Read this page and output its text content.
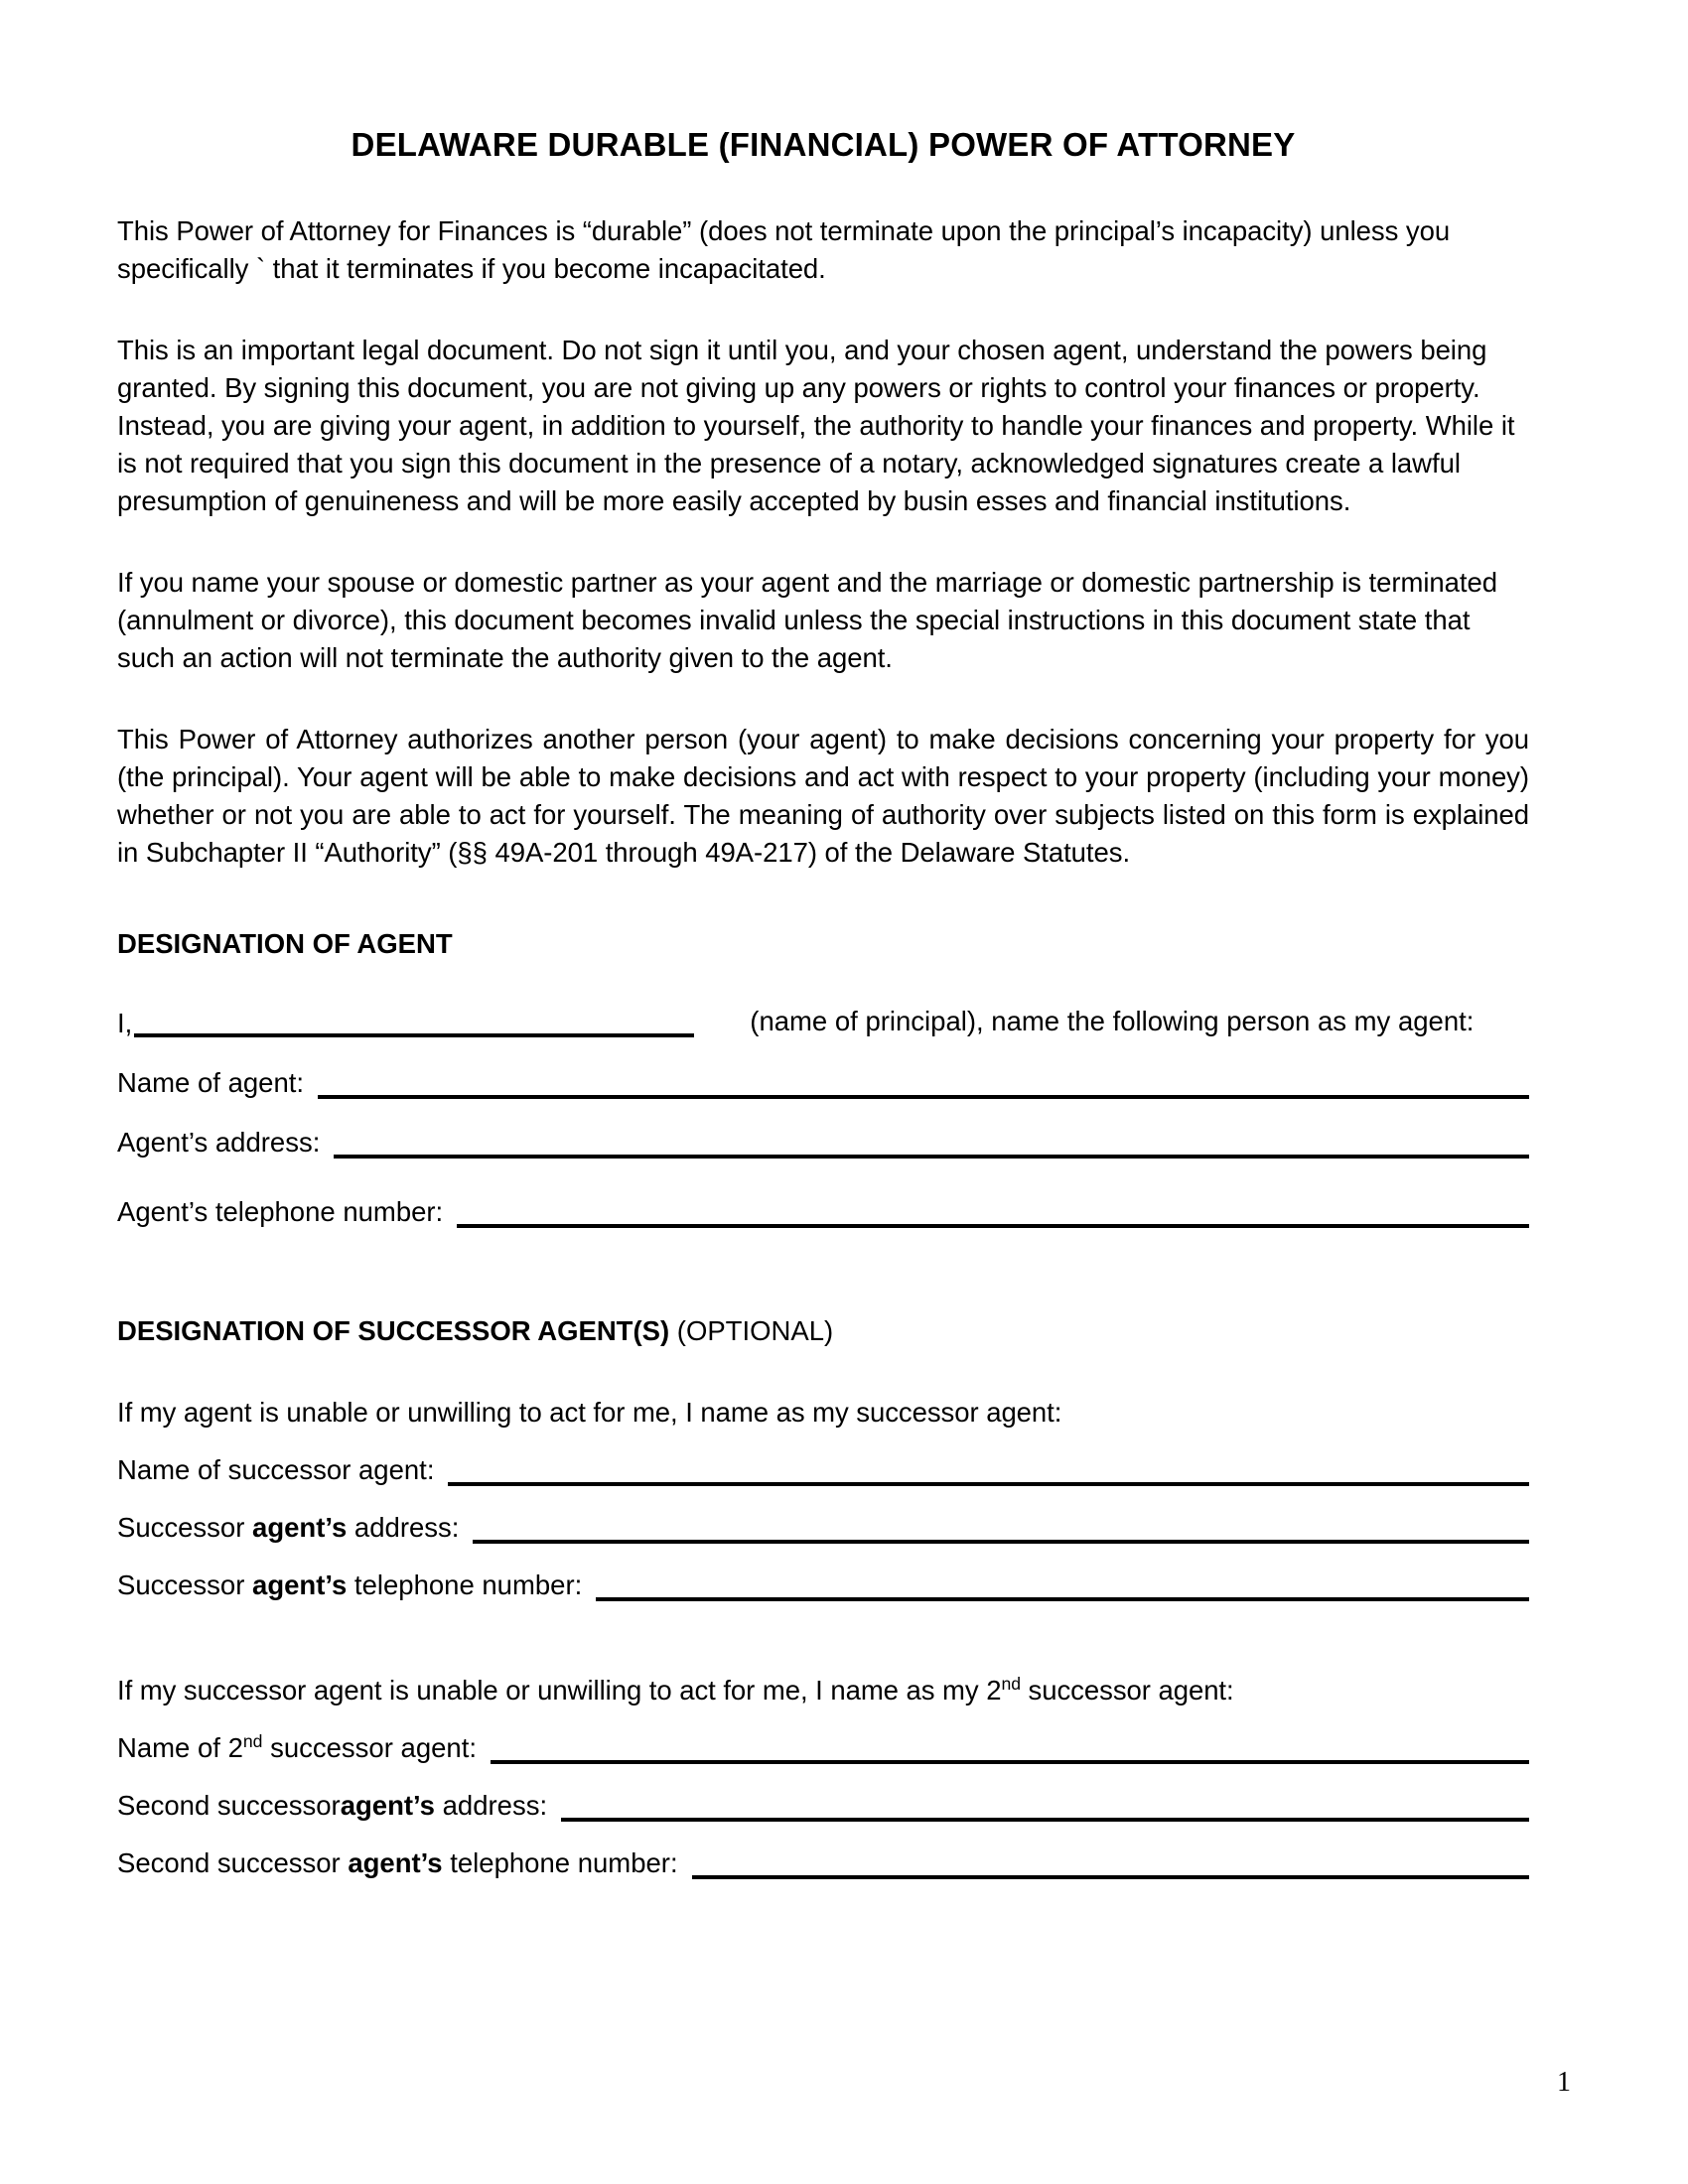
DELAWARE DURABLE (FINANCIAL) POWER OF ATTORNEY

This Power of Attorney for Finances is “durable” (does not terminate upon the principal’s incapacity) unless you specifically ` that it terminates if you become incapacitated.

This is an important legal document. Do not sign it until you, and your chosen agent, understand the powers being granted. By signing this document, you are not giving up any powers or rights to control your finances or property. Instead, you are giving your agent, in addition to yourself, the authority to handle your finances and property. While it is not required that you sign this document in the presence of a notary, acknowledged signatures create a lawful presumption of genuineness and will be more easily accepted by busin esses and financial institutions.

If you name your spouse or domestic partner as your agent and the marriage or domestic partnership is terminated (annulment or divorce), this document becomes invalid unless the special instructions in this document state that such an action will not terminate the authority given to the agent.

This Power of Attorney authorizes another person (your agent) to make decisions concerning your property for you (the principal). Your agent will be able to make decisions and act with respect to your property (including your money) whether or not you are able to act for yourself. The meaning of authority over subjects listed on this form is explained in Subchapter II “Authority” (§§ 49A-201 through 49A-217) of the Delaware Statutes.

DESIGNATION OF AGENT
I,	(name of principal), name the following person as my agent:
Name of agent:
Agent’s address:
Agent’s telephone number:
DESIGNATION OF SUCCESSOR AGENT(S) (OPTIONAL)

If my agent is unable or unwilling to act for me, I name as my successor agent:

Name of successor agent:
Successor agent’s address:
Successor agent’s telephone number:

If my successor agent is unable or unwilling to act for me, I name as my 2nd successor agent:

Name of 2nd successor agent:
Second successoragent’s address:
Second successor agent’s telephone number:
1
